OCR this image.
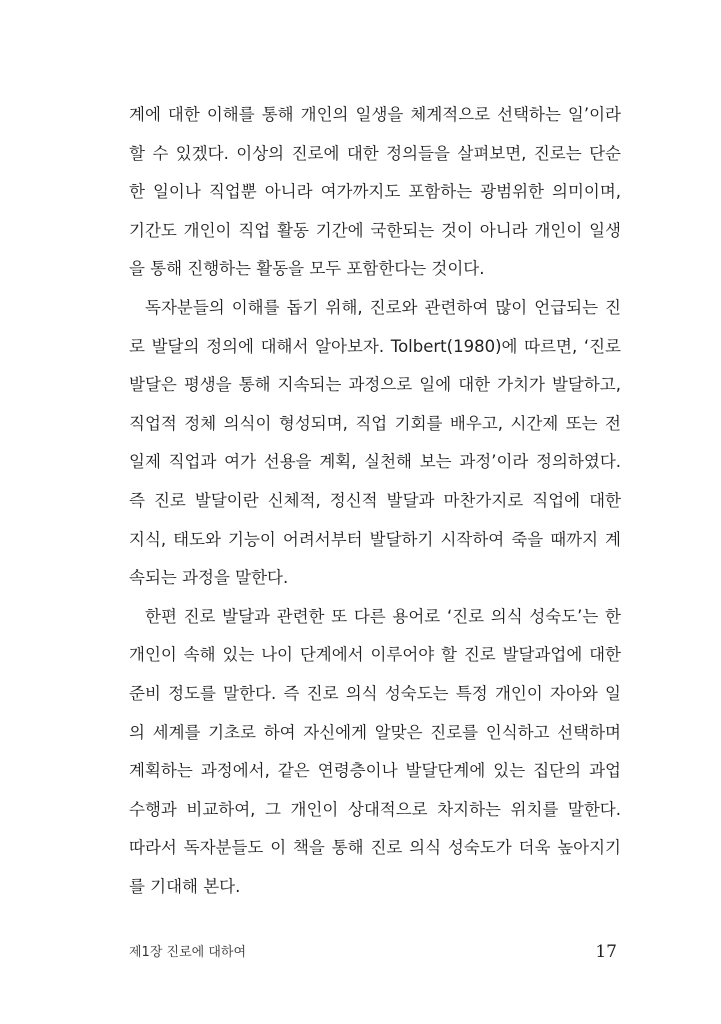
계에 대한 이해를 통해 개인의 일생을 체계적으로 선택하는 일’이라
할 수 있겠다. 이상의 진로에 대한 정의들을 살펴보면, 진로는 단순
한 일이나 직업뿐 아니라 여가까지도 포함하는 광범위한 의미이며,
기간도 개인이 직업 활동 기간에 국한되는 것이 아니라 개인이 일생
을 통해 진행하는 활동을 모두 포함한다는 것이다.
독자분들의 이해를 돕기 위해, 진로와 관련하여 많이 언급되는 진
로 발달의 정의에 대해서 알아보자. Tolbert(1980)에 따르면, ‘진로
발달은 평생을 통해 지속되는 과정으로 일에 대한 가치가 발달하고,
직업적 정체 의식이 형성되며, 직업 기회를 배우고, 시간제 또는 전
일제 직업과 여가 선용을 계획, 실천해 보는 과정’이라 정의하였다.
즉 진로 발달이란 신체적, 정신적 발달과 마찬가지로 직업에 대한
지식, 태도와 기능이 어려서부터 발달하기 시작하여 죽을 때까지 계
속되는 과정을 말한다.
한편 진로 발달과 관련한 또 다른 용어로 ‘진로 의식 성숙도’는 한
개인이 속해 있는 나이 단계에서 이루어야 할 진로 발달과업에 대한
준비 정도를 말한다. 즉 진로 의식 성숙도는 특정 개인이 자아와 일
의 세계를 기초로 하여 자신에게 알맞은 진로를 인식하고 선택하며
계획하는 과정에서, 같은 연령층이나 발달단계에 있는 집단의 과업
수행과 비교하여, 그 개인이 상대적으로 차지하는 위치를 말한다.
따라서 독자분들도 이 책을 통해 진로 의식 성숙도가 더욱 높아지기
를 기대해 본다.
제1장 진로에 대하여	17
